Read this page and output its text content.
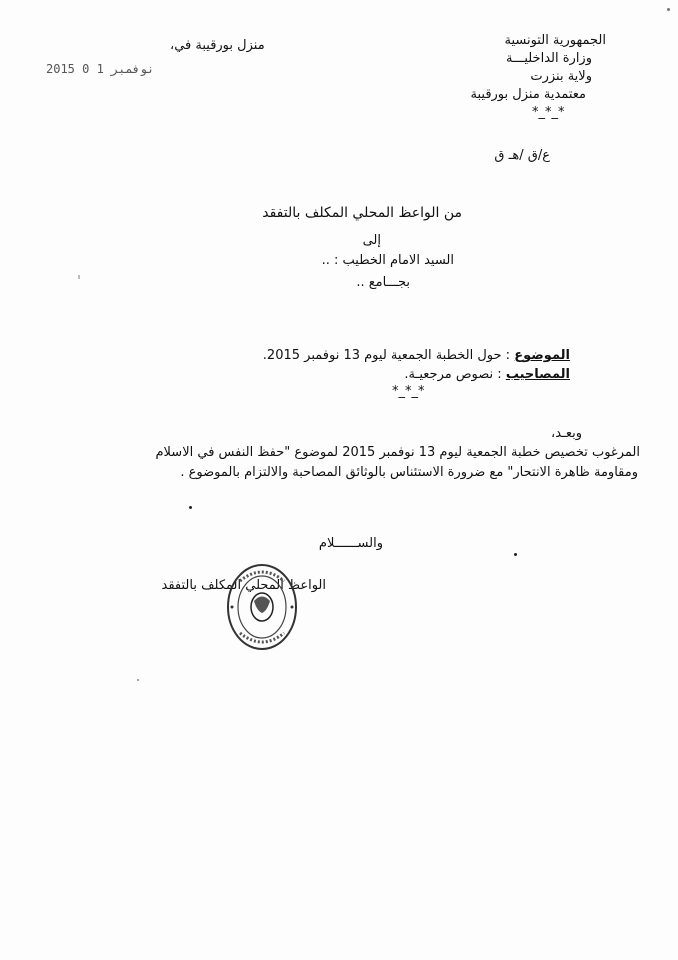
الجمهورية التونسية
وزارة الداخليـــة
ولاية بنزرت
معتمدية منزل بورقيبة
*_*_*
منزل بورقيبة في،
2015 نوفمبر 1 0
ع/ق /هـ ق
من الواعظ المحلي المكلف بالتفقد
إلى
السيد الامام الخطيب : ..
بجـــامع ..
الموضوع : حول الخطبة الجمعية ليوم 13 نوفمبر 2015.
المصاحيب : نصوص مرجعيـة.
*_*_*
وبعـد،
المرغوب تخصيص خطبة الجمعية ليوم 13 نوفمبر 2015 لموضوع "حفظ النفس في الاسلام
ومقاومة ظاهرة الانتحار" مع ضرورة الاستئناس بالوثائق المصاحبة والالتزام بالموضوع .
والســــــلام
الواعظ المحلي المكلف بالتفقد
